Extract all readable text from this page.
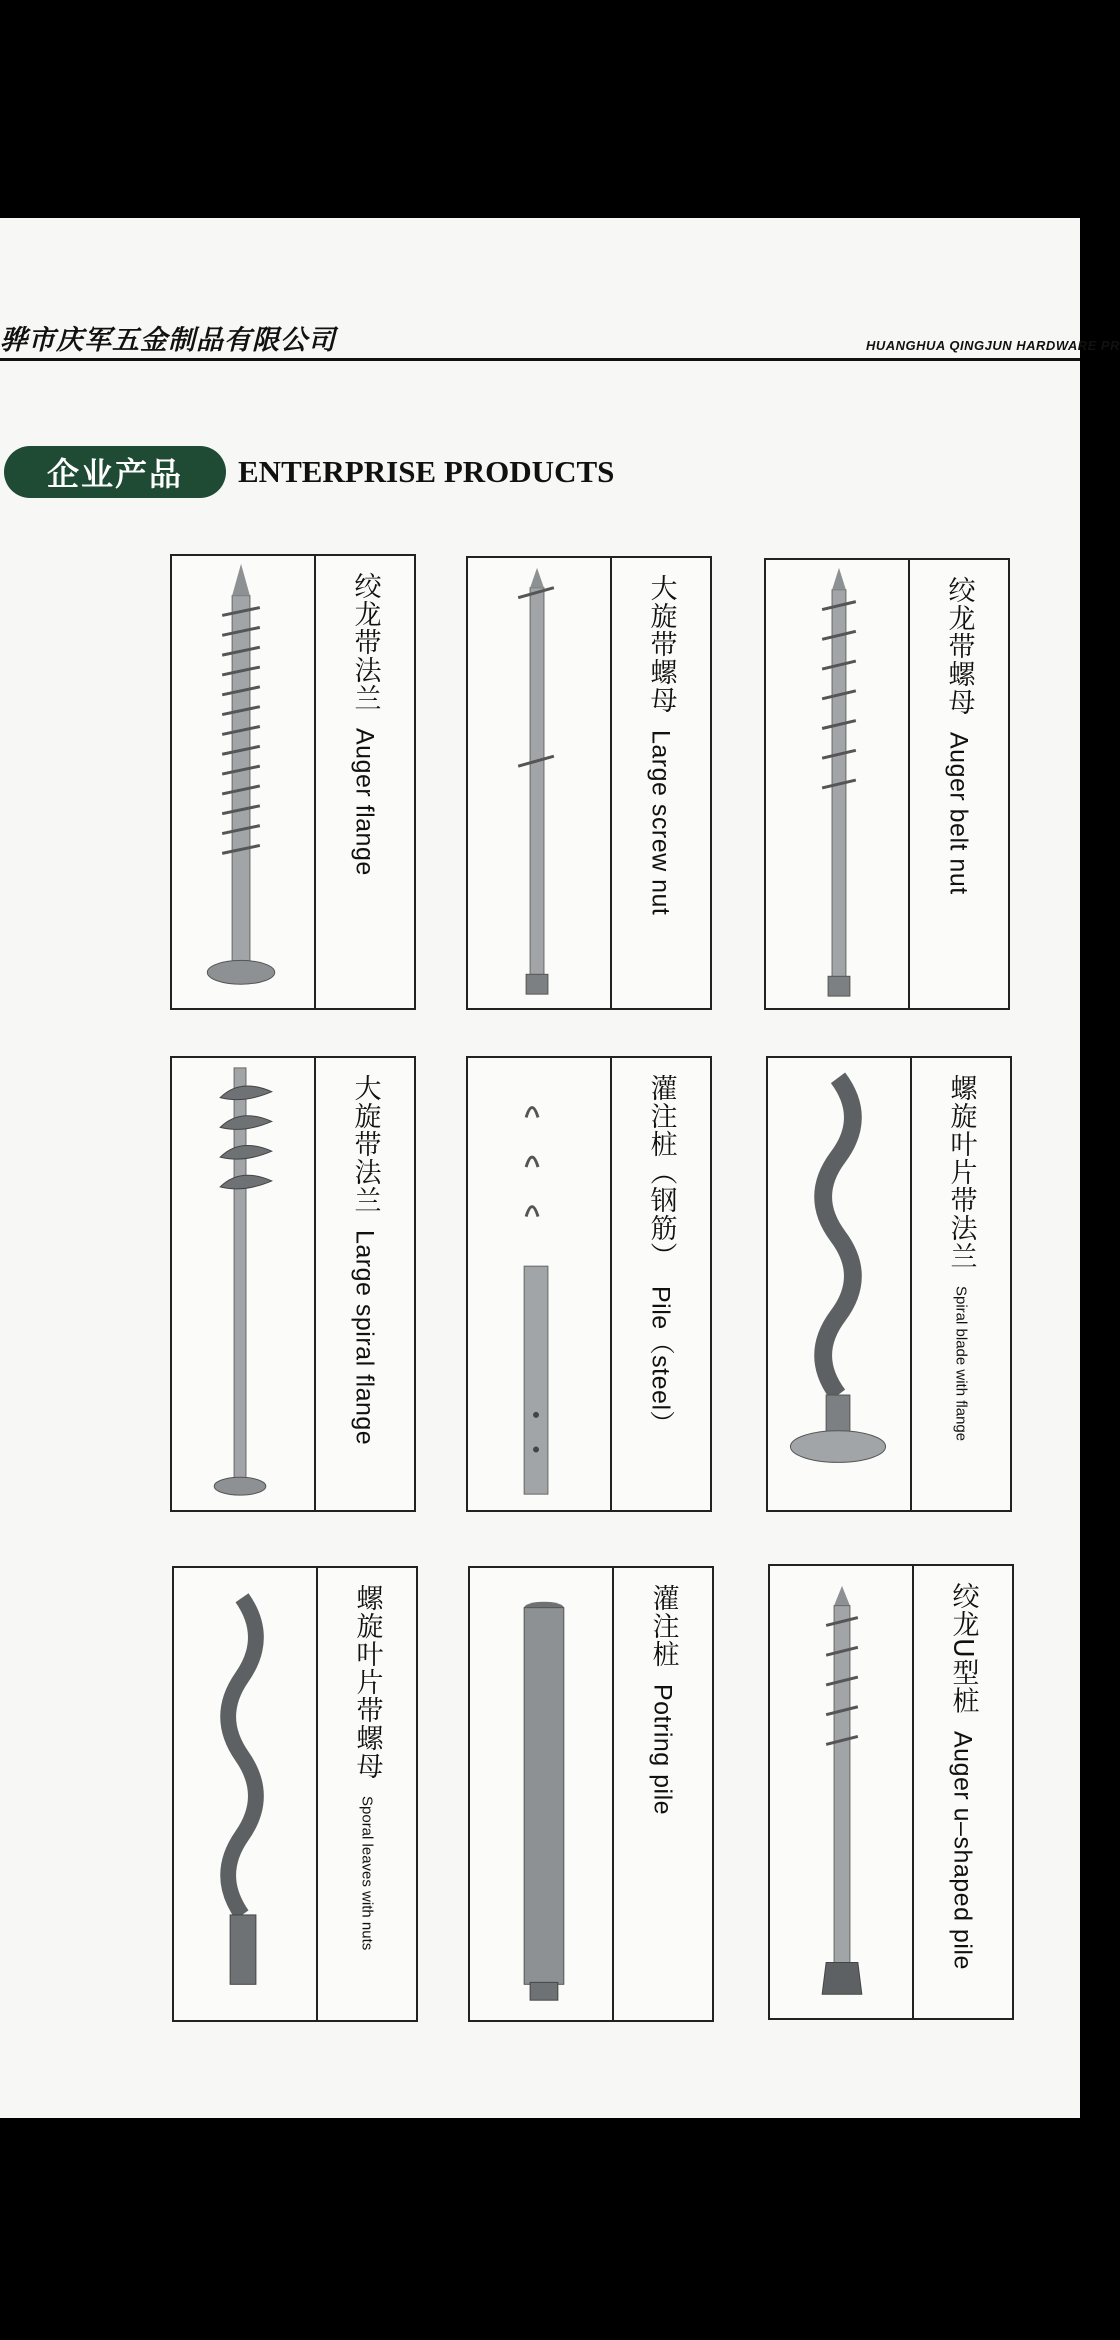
骅市庆军五金制品有限公司	HUANGHUA QINGJUN HARDWARE PR
企业产品	ENTERPRISE PRODUCTS
绞龙带法兰Auger flange
大旋带螺母Large screw nut
绞龙带螺母Auger belt nut
大旋带法兰Large spiral flange
灌注桩（钢筋）Pile（steel）
螺旋叶片带法兰Spiral blade with flange
螺旋叶片带螺母Sporal leaves with nuts
灌注桩Potring pile
绞龙U型桩Auger u–shaped pile
